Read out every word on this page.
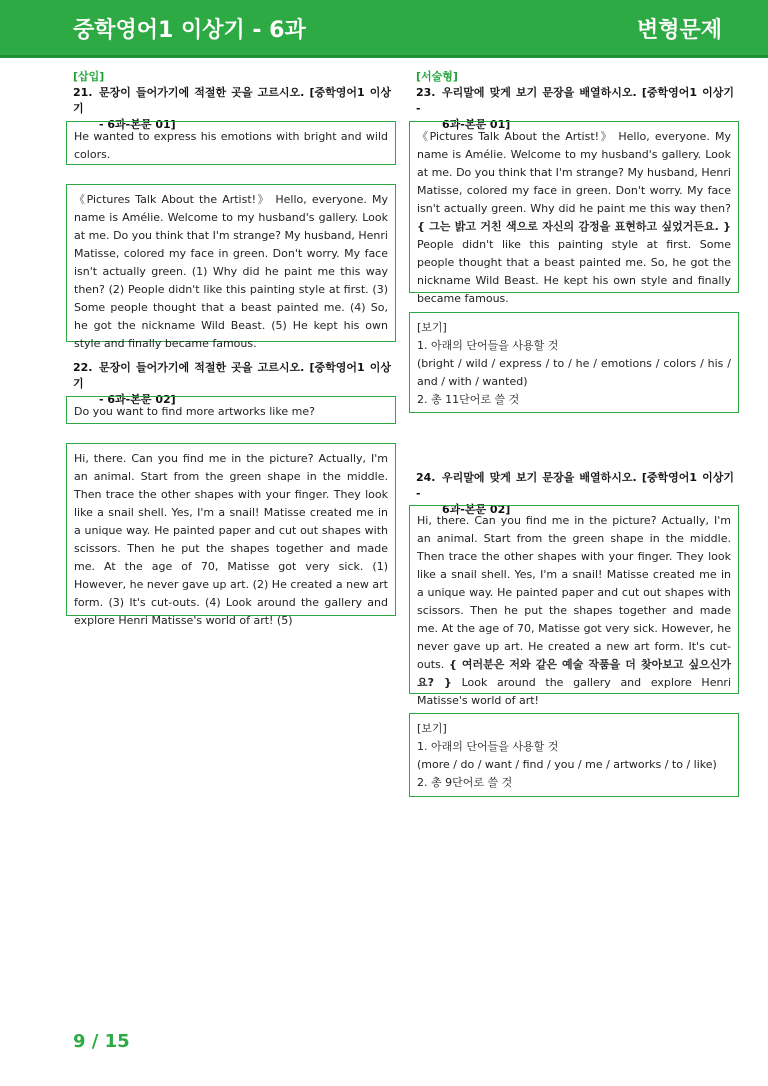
중학영어1 이상기 - 6과	변형문제
[삽입]
21. 문장이 들어가기에 적절한 곳을 고르시오. [중학영어1 이상기
- 6과-본문 01]

He wanted to express his emotions with bright and wild colors.

《Pictures Talk About the Artist!》 Hello, everyone. My name is Amélie. Welcome to my husband's gallery. Look at me. Do you think that I'm strange? My husband, Henri Matisse, colored my face in green. Don't worry. My face isn't actually green. (1) Why did he paint me this way then? (2) People didn't like this painting style at first. (3) Some people thought that a beast painted me. (4) So, he got the nickname Wild Beast. (5) He kept his own style and finally became famous.

22. 문장이 들어가기에 적절한 곳을 고르시오. [중학영어1 이상기
- 6과-본문 02]

Do you want to find more artworks like me?

Hi, there. Can you find me in the picture? Actually, I'm an animal. Start from the green shape in the middle. Then trace the other shapes with your finger. They look like a snail shell. Yes, I'm a snail! Matisse created me in a unique way. He painted paper and cut out shapes with scissors. Then he put the shapes together and made me. At the age of 70, Matisse got very sick. (1) However, he never gave up art. (2) He created a new art form. (3) It's cut-outs. (4) Look around the gallery and explore Henri Matisse's world of art! (5)

[서술형]
23. 우리말에 맞게 보기 문장을 배열하시오. [중학영어1 이상기 -
6과-본문 01]

《Pictures Talk About the Artist!》 Hello, everyone. My name is Amélie. Welcome to my husband's gallery. Look at me. Do you think that I'm strange? My husband, Henri Matisse, colored my face in green. Don't worry. My face isn't actually green. Why did he paint me this way then? { 그는 밝고 거친 색으로 자신의 감정을 표현하고 싶었거든요. } People didn't like this painting style at first. Some people thought that a beast painted me. So, he got the nickname Wild Beast. He kept his own style and finally became famous.

[보기]

1. 아래의 단어들을 사용할 것

(bright / wild / express / to / he / emotions / colors / his / and / with / wanted)

2. 총 11단어로 쓸 것

24. 우리말에 맞게 보기 문장을 배열하시오. [중학영어1 이상기 -
6과-본문 02]

Hi, there. Can you find me in the picture? Actually, I'm an animal. Start from the green shape in the middle. Then trace the other shapes with your finger. They look like a snail shell. Yes, I'm a snail! Matisse created me in a unique way. He painted paper and cut out shapes with scissors. Then he put the shapes together and made me. At the age of 70, Matisse got very sick. However, he never gave up art. He created a new art form. It's cut-outs. { 여러분은 저와 같은 예술 작품을 더 찾아보고 싶으신가요? } Look around the gallery and explore Henri Matisse's world of art!

[보기]

1. 아래의 단어들을 사용할 것

(more / do / want / find / you / me / artworks / to / like)

2. 총 9단어로 쓸 것

9 / 15
